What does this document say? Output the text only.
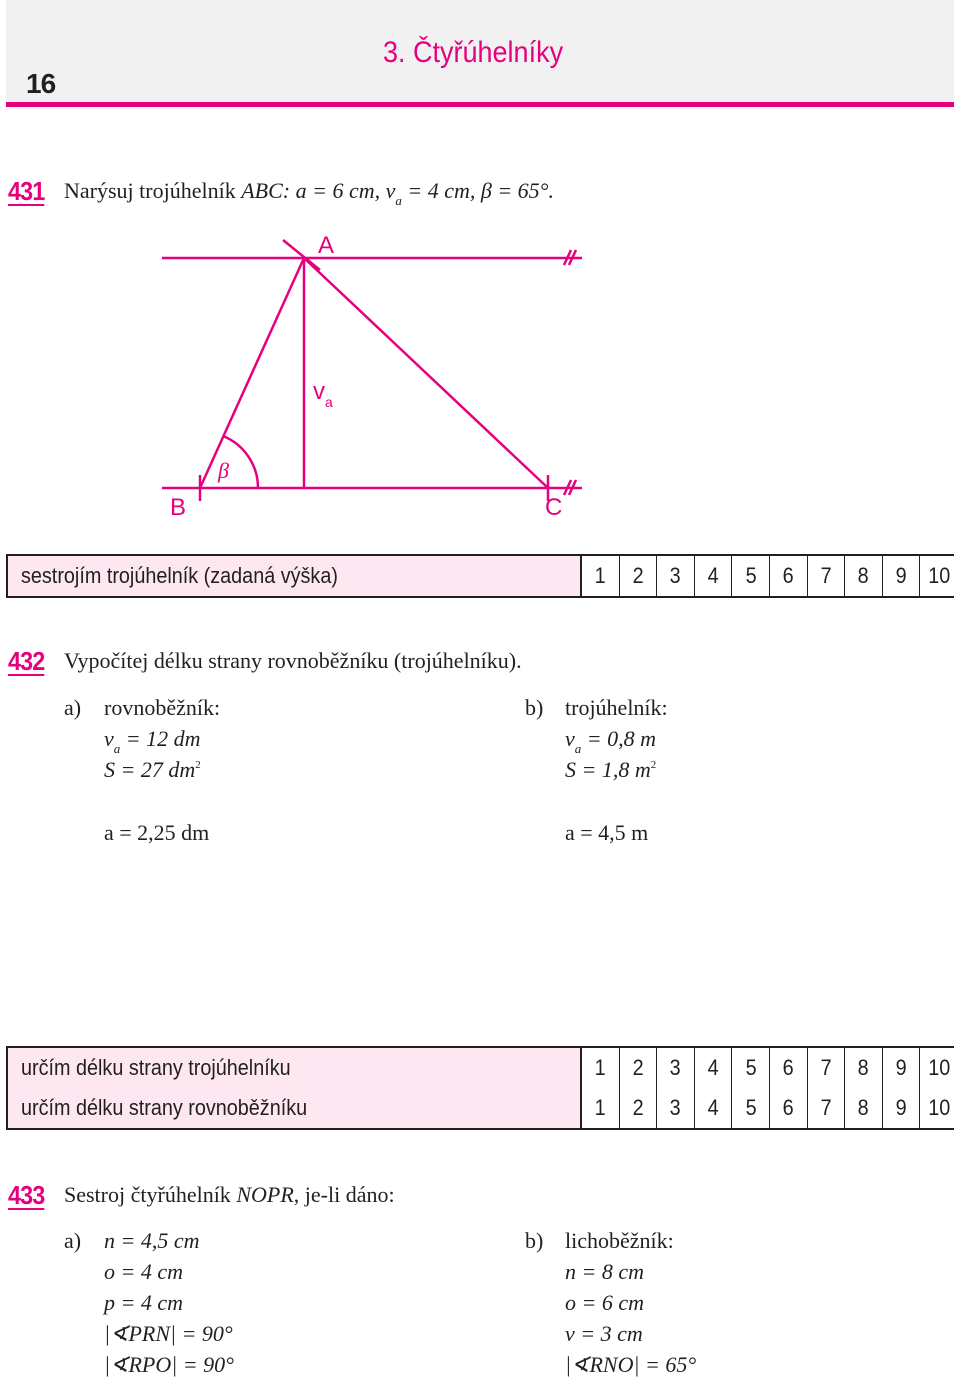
16
3. Čtyřúhelníky
431 Narýsuj trojúhelník ABC: a = 6 cm, $v_a = 4$ cm, β = 65°.
A
B	C
$v_a$
β
sestrojím trojúhelník (zadaná výška)	1 2 3 4 5 6 7 8 9 10
432 Vypočítej délku strany rovnoběžníku (trojúhelníku).
a) rovnoběžník:
$v_a = 12$ dm
S = 27 $dm^2$
a = 2,25 dm
b) trojúhelník:
$v_a = 0,8$ m
S = 1,8 $m^2$
a = 4,5 m
určím délku strany trojúhelníku	1 2 3 4 5 6 7 8 9 10
určím délku strany rovnoběžníku	1 2 3 4 5 6 7 8 9 10
433 Sestroj čtyřúhelník NOPR, je-li dáno:
a) n = 4,5 cm
o = 4 cm
p = 4 cm
|∢PRN| = 90°
|∢RPO| = 90°
b) lichoběžník:
n = 8 cm
o = 6 cm
v = 3 cm
|∢RNO| = 65°
